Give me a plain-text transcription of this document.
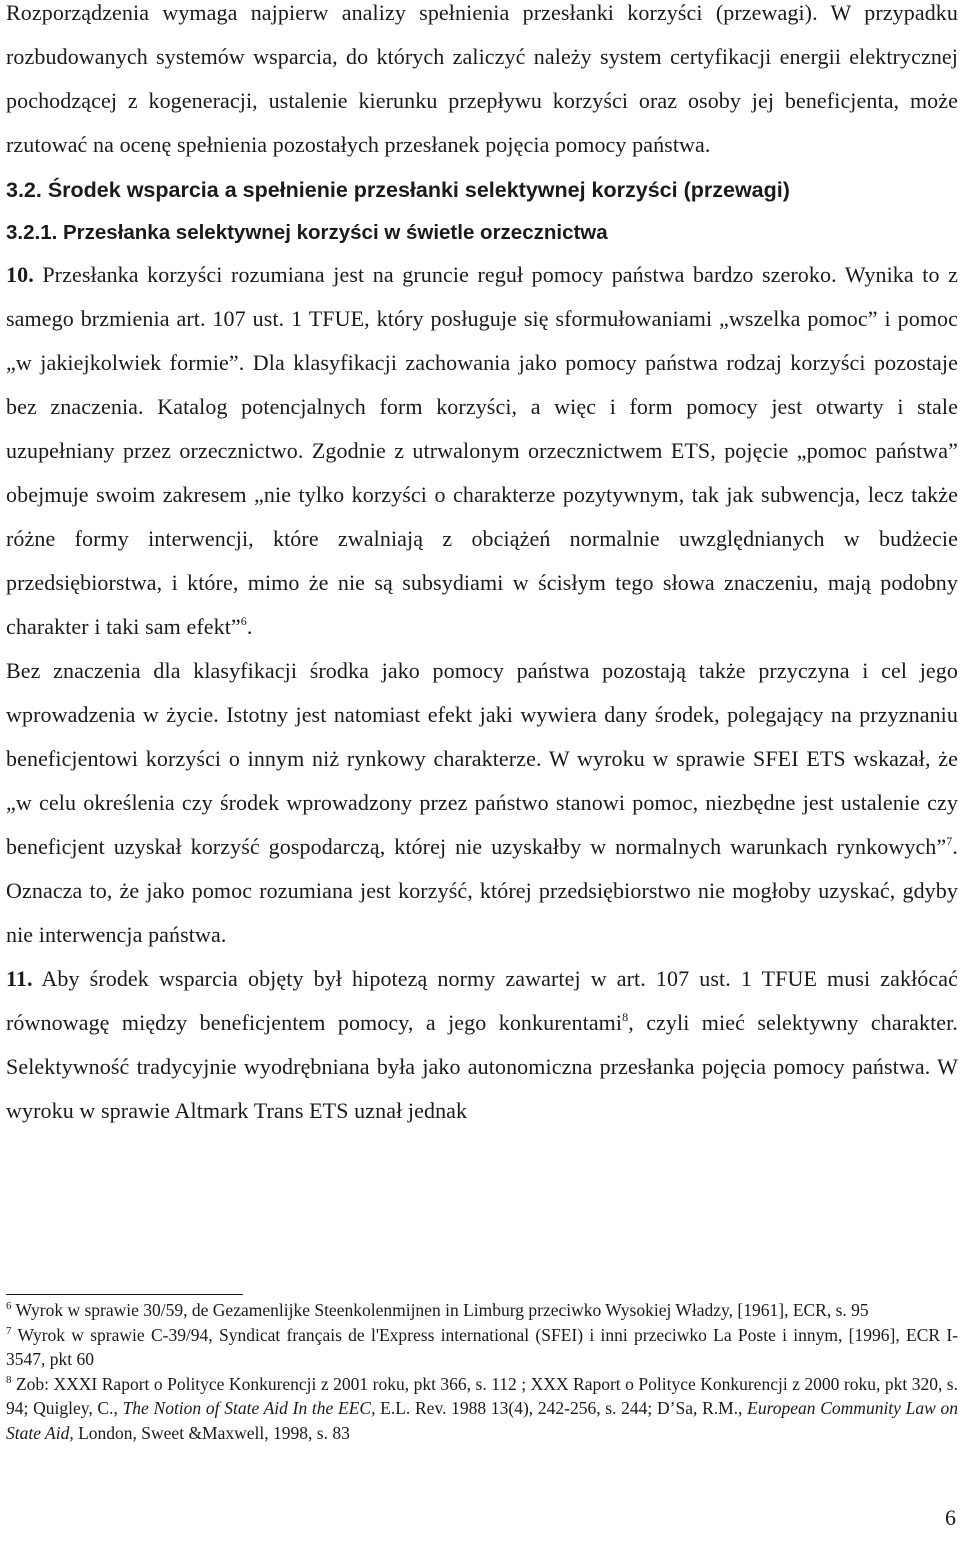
Rozporządzenia wymaga najpierw analizy spełnienia przesłanki korzyści (przewagi). W przypadku rozbudowanych systemów wsparcia, do których zaliczyć należy system certyfikacji energii elektrycznej pochodzącej z kogeneracji, ustalenie kierunku przepływu korzyści oraz osoby jej beneficjenta, może rzutować na ocenę spełnienia pozostałych przesłanek pojęcia pomocy państwa.

3.2. Środek wsparcia a spełnienie przesłanki selektywnej korzyści (przewagi)
3.2.1. Przesłanka selektywnej korzyści w świetle orzecznictwa

10. Przesłanka korzyści rozumiana jest na gruncie reguł pomocy państwa bardzo szeroko. Wynika to z samego brzmienia art. 107 ust. 1 TFUE, który posługuje się sformułowaniami „wszelka pomoc” i pomoc „w jakiejkolwiek formie”. Dla klasyfikacji zachowania jako pomocy państwa rodzaj korzyści pozostaje bez znaczenia. Katalog potencjalnych form korzyści, a więc i form pomocy jest otwarty i stale uzupełniany przez orzecznictwo. Zgodnie z utrwalonym orzecznictwem ETS, pojęcie „pomoc państwa” obejmuje swoim zakresem „nie tylko korzyści o charakterze pozytywnym, tak jak subwencja, lecz także różne formy interwencji, które zwalniają z obciążeń normalnie uwzględnianych w budżecie przedsiębiorstwa, i które, mimo że nie są subsydiami w ścisłym tego słowa znaczeniu, mają podobny charakter i taki sam efekt”$^6$.

Bez znaczenia dla klasyfikacji środka jako pomocy państwa pozostają także przyczyna i cel jego wprowadzenia w życie. Istotny jest natomiast efekt jaki wywiera dany środek, polegający na przyznaniu beneficjentowi korzyści o innym niż rynkowy charakterze. W wyroku w sprawie SFEI ETS wskazał, że „w celu określenia czy środek wprowadzony przez państwo stanowi pomoc, niezbędne jest ustalenie czy beneficjent uzyskał korzyść gospodarczą, której nie uzyskałby w normalnych warunkach rynkowych”$^7$. Oznacza to, że jako pomoc rozumiana jest korzyść, której przedsiębiorstwo nie mogłoby uzyskać, gdyby nie interwencja państwa.

11. Aby środek wsparcia objęty był hipotezą normy zawartej w art. 107 ust. 1 TFUE musi zakłócać równowagę między beneficjentem pomocy, a jego konkurentami$^8$, czyli mieć selektywny charakter. Selektywność tradycyjnie wyodrębniana była jako autonomiczna przesłanka pojęcia pomocy państwa. W wyroku w sprawie Altmark Trans ETS uznał jednak

$^6$ Wyrok w sprawie 30/59, de Gezamenlijke Steenkolenmijnen in Limburg przeciwko Wysokiej Władzy, [1961], ECR, s. 95

$^7$ Wyrok w sprawie C-39/94, Syndicat français de l'Express international (SFEI) i inni przeciwko La Poste i innym, [1996], ECR I-3547, pkt 60

$^8$ Zob: XXXI Raport o Polityce Konkurencji z 2001 roku, pkt 366, s. 112 ; XXX Raport o Polityce Konkurencji z 2000 roku, pkt 320, s. 94; Quigley, C., The Notion of State Aid In the EEC, E.L. Rev. 1988 13(4), 242-256, s. 244; D’Sa, R.M., European Community Law on State Aid, London, Sweet &Maxwell, 1998, s. 83

6
